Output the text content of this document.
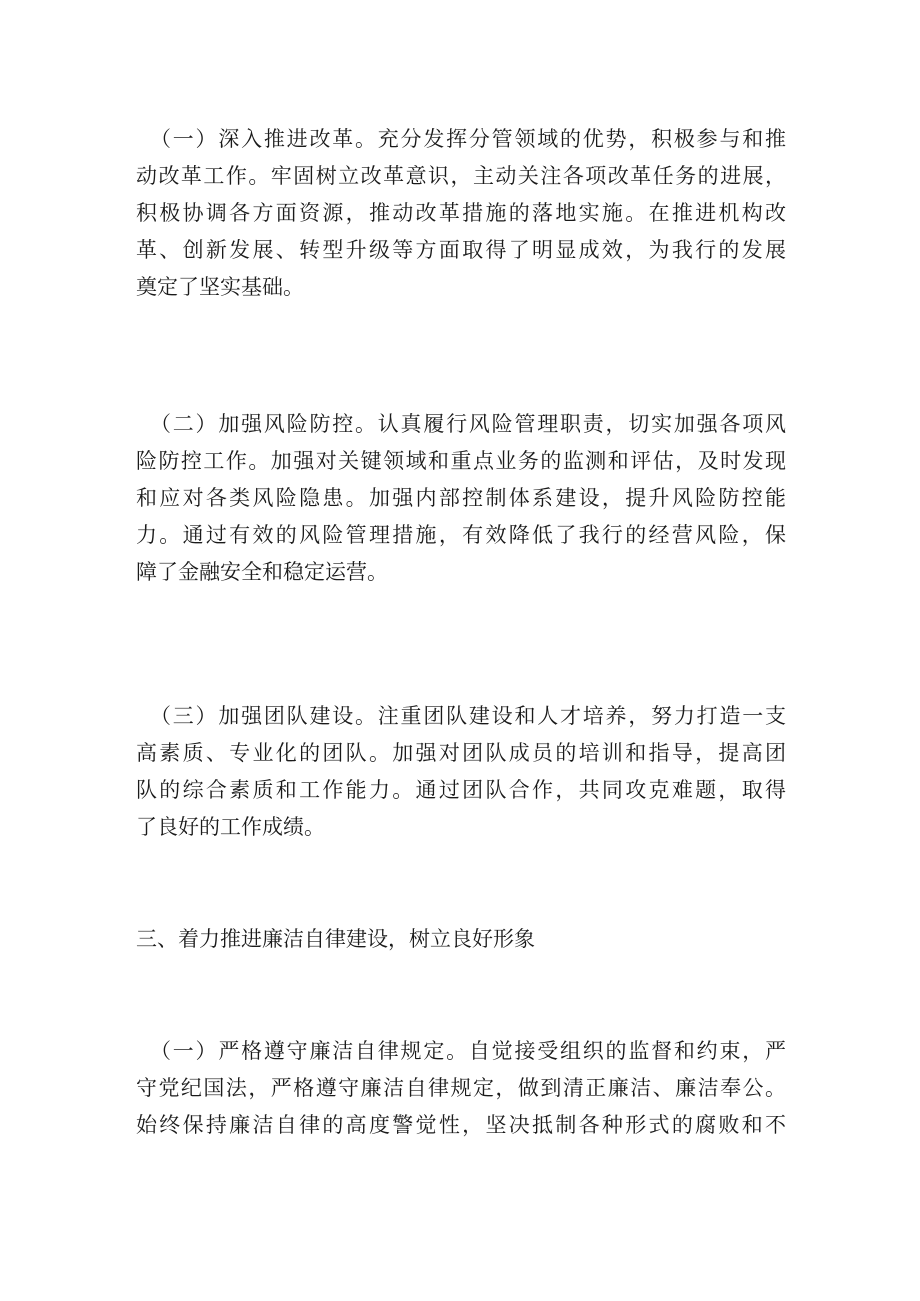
（一）深入推进改革。充分发挥分管领域的优势，积极参与和推
动改革工作。牢固树立改革意识，主动关注各项改革任务的进展，
积极协调各方面资源，推动改革措施的落地实施。在推进机构改
革、创新发展、转型升级等方面取得了明显成效，为我行的发展
奠定了坚实基础。

（二）加强风险防控。认真履行风险管理职责，切实加强各项风
险防控工作。加强对关键领域和重点业务的监测和评估，及时发现
和应对各类风险隐患。加强内部控制体系建设，提升风险防控能
力。通过有效的风险管理措施，有效降低了我行的经营风险，保
障了金融安全和稳定运营。

（三）加强团队建设。注重团队建设和人才培养，努力打造一支
高素质、专业化的团队。加强对团队成员的培训和指导，提高团
队的综合素质和工作能力。通过团队合作，共同攻克难题，取得
了良好的工作成绩。

三、着力推进廉洁自律建设，树立良好形象

（一）严格遵守廉洁自律规定。自觉接受组织的监督和约束，严
守党纪国法，严格遵守廉洁自律规定，做到清正廉洁、廉洁奉公。
始终保持廉洁自律的高度警觉性，坚决抵制各种形式的腐败和不
